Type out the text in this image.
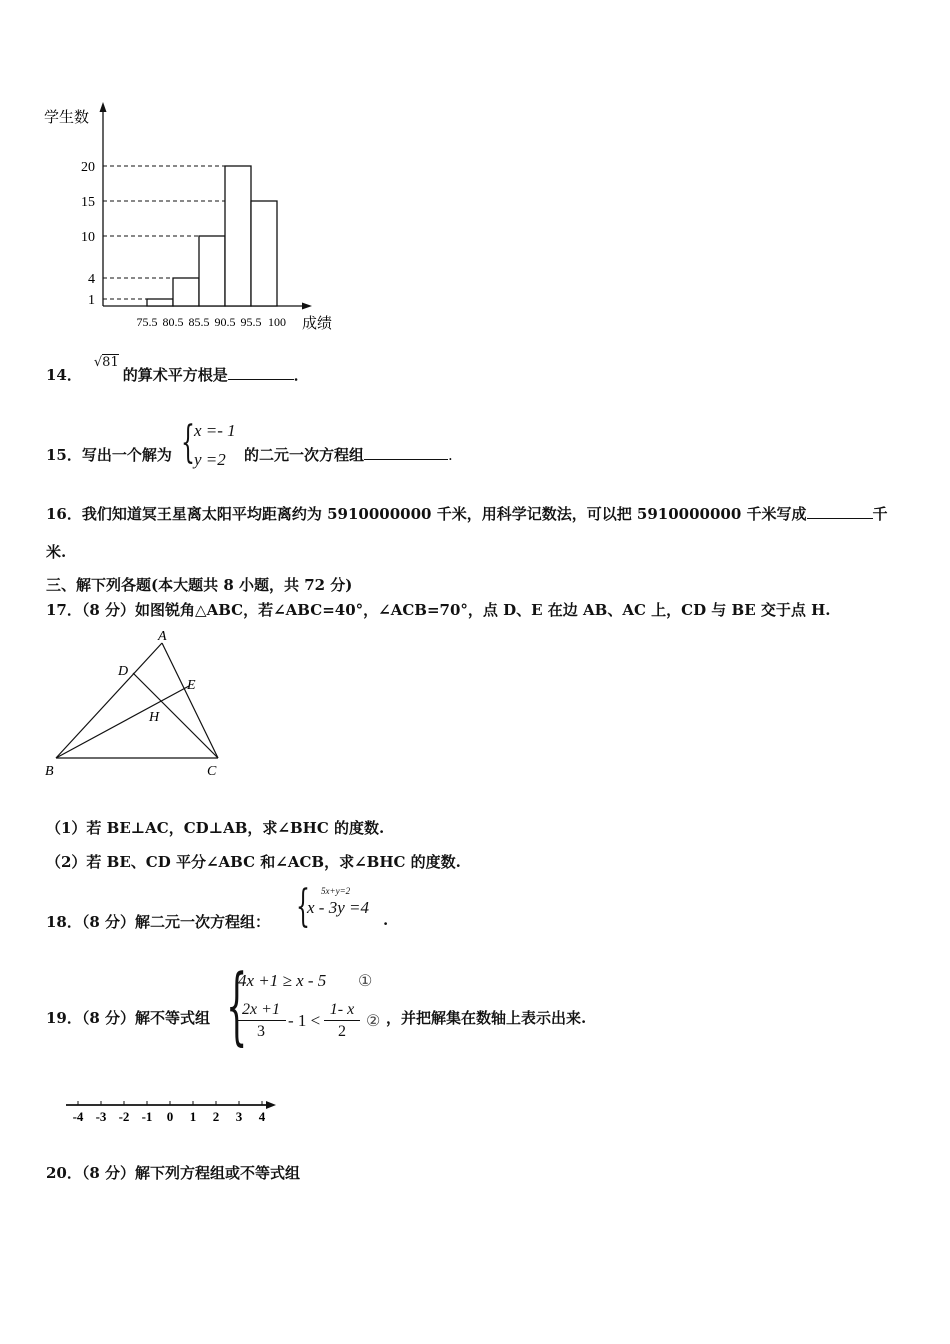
学生数
成绩
20
15
10
4
1
75.5 80.5 85.5 90.5 95.5 100
14．√81的算术平方根是	．
15．写出一个解为 { x =- 1
y =2 的二元一次方程组	.
16．我们知道冥王星离太阳平均距离约为 5910000000 千米，用科学记数法，可以把 5910000000 千米写成	千
米.
三、解下列各题(本大题共 8 小题，共 72 分)
17．（8 分）如图锐角△ABC，若∠ABC=40°，∠ACB=70°，点 D、E 在边 AB、AC 上，CD 与 BE 交于点 H.
A
D
E
H
B	C
（1）若 BE⊥AC，CD⊥AB，求∠BHC 的度数.
（2）若 BE、CD 平分∠ABC 和∠ACB，求∠BHC 的度数.
18．（8 分）解二元一次方程组： { 5x+y=2
x - 3y =4
.
19．（8 分）解不等式组 {
4x +1 ≥ x - 5 ①
$\frac{2x +1}{3} - 1 < \frac{1- x}{2}$ ② ，并把解集在数轴上表示出来.
-4 -3 -2 -1 0 1 2 3 4
20．（8 分）解下列方程组或不等式组
